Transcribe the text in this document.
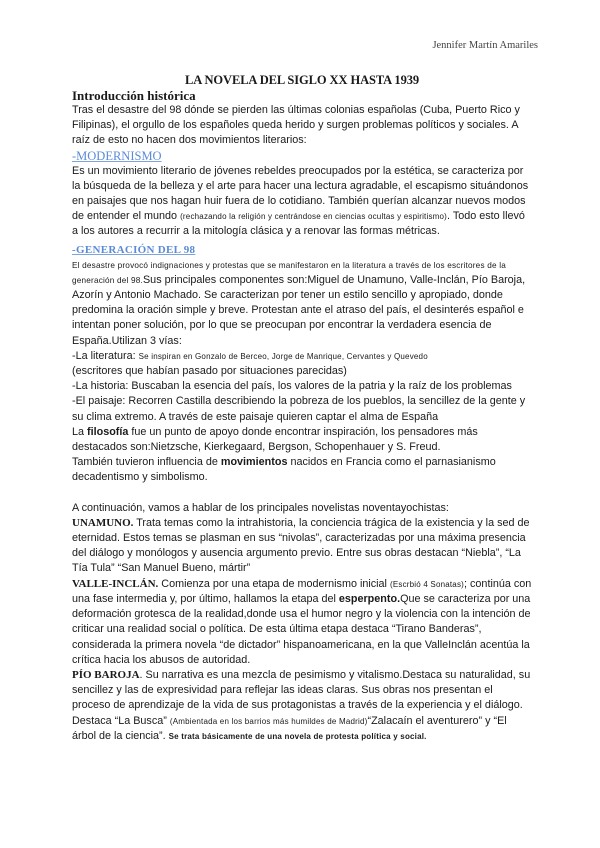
Jennifer Martín Amariles
LA NOVELA DEL SIGLO XX HASTA 1939
Introducción histórica

Tras el desastre del 98 dónde se pierden las últimas colonias españolas (Cuba, Puerto Rico y Filipinas), el orgullo de los españoles queda herido y surgen problemas políticos y sociales. A raíz de esto no hacen dos movimientos literarios:

-MODERNISMO

Es un movimiento literario de jóvenes rebeldes preocupados por la estética, se caracteriza por la búsqueda de la belleza y el arte para hacer una lectura agradable, el escapismo situándonos en paisajes que nos hagan huir fuera de lo cotidiano. También querían alcanzar nuevos modos de entender el mundo (rechazando la religión y centrándose en ciencias ocultas y espiritismo). Todo esto llevó a los autores a recurrir a la mitología clásica y a renovar las formas métricas.

-GENERACIÓN DEL 98

El desastre provocó indignaciones y protestas que se manifestaron en la literatura a través de los escritores de la generación del 98.Sus principales componentes son:Miguel de Unamuno, Valle-Inclán, Pío Baroja, Azorín y Antonio Machado. Se caracterizan por tener un estilo sencillo y apropiado, donde predomina la oración simple y breve. Protestan ante el atraso del país, el desinterés español e intentan poner solución, por lo que se preocupan por encontrar la verdadera esencia de España.Utilizan 3 vías:

-La literatura: Se inspiran en Gonzalo de Berceo, Jorge de Manrique, Cervantes y Quevedo
(escritores que habían pasado por situaciones parecidas)

-La historia: Buscaban la esencia del país, los valores de la patria y la raíz de los problemas

-El paisaje: Recorren Castilla describiendo la pobreza de los pueblos, la sencillez de la gente y su clima extremo. A través de este paisaje quieren captar el alma de España

La filosofía fue un punto de apoyo donde encontrar inspiración, los pensadores más destacados son:Nietzsche, Kierkegaard, Bergson, Schopenhauer y S. Freud.

También tuvieron influencia de movimientos nacidos en Francia como el parnasianismo decadentismo y simbolismo.

A continuación, vamos a hablar de los principales novelistas noventayochistas:

UNAMUNO. Trata temas como la intrahistoria, la conciencia trágica de la existencia y la sed de eternidad. Estos temas se plasman en sus “nivolas”, caracterizadas por una máxima presencia del diálogo y monólogos y ausencia argumento previo. Entre sus obras destacan “Niebla”, “La Tía Tula” “San Manuel Bueno, mártir”

VALLE-INCLÁN. Comienza por una etapa de modernismo inicial (Escrbió 4 Sonatas); continúa con una fase intermedia y, por último, hallamos la etapa del esperpento.Que se caracteriza por una deformación grotesca de la realidad,donde usa el humor negro y la violencia con la intención de criticar una realidad social o política. De esta última etapa destaca “Tirano Banderas”, considerada la primera novela “de dictador” hispanoamericana, en la que ValleInclán acentúa la crítica hacia los abusos de autoridad.

PÍO BAROJA. Su narrativa es una mezcla de pesimismo y vitalismo.Destaca su naturalidad, su sencillez y las de expresividad para reflejar las ideas claras. Sus obras nos presentan el proceso de aprendizaje de la vida de sus protagonistas a través de la experiencia y el diálogo. Destaca “La Busca” (Ambientada en los barrios más humildes de Madrid)“Zalacaín el aventurero” y “El árbol de la ciencia”. Se trata básicamente de una novela de protesta política y social.
